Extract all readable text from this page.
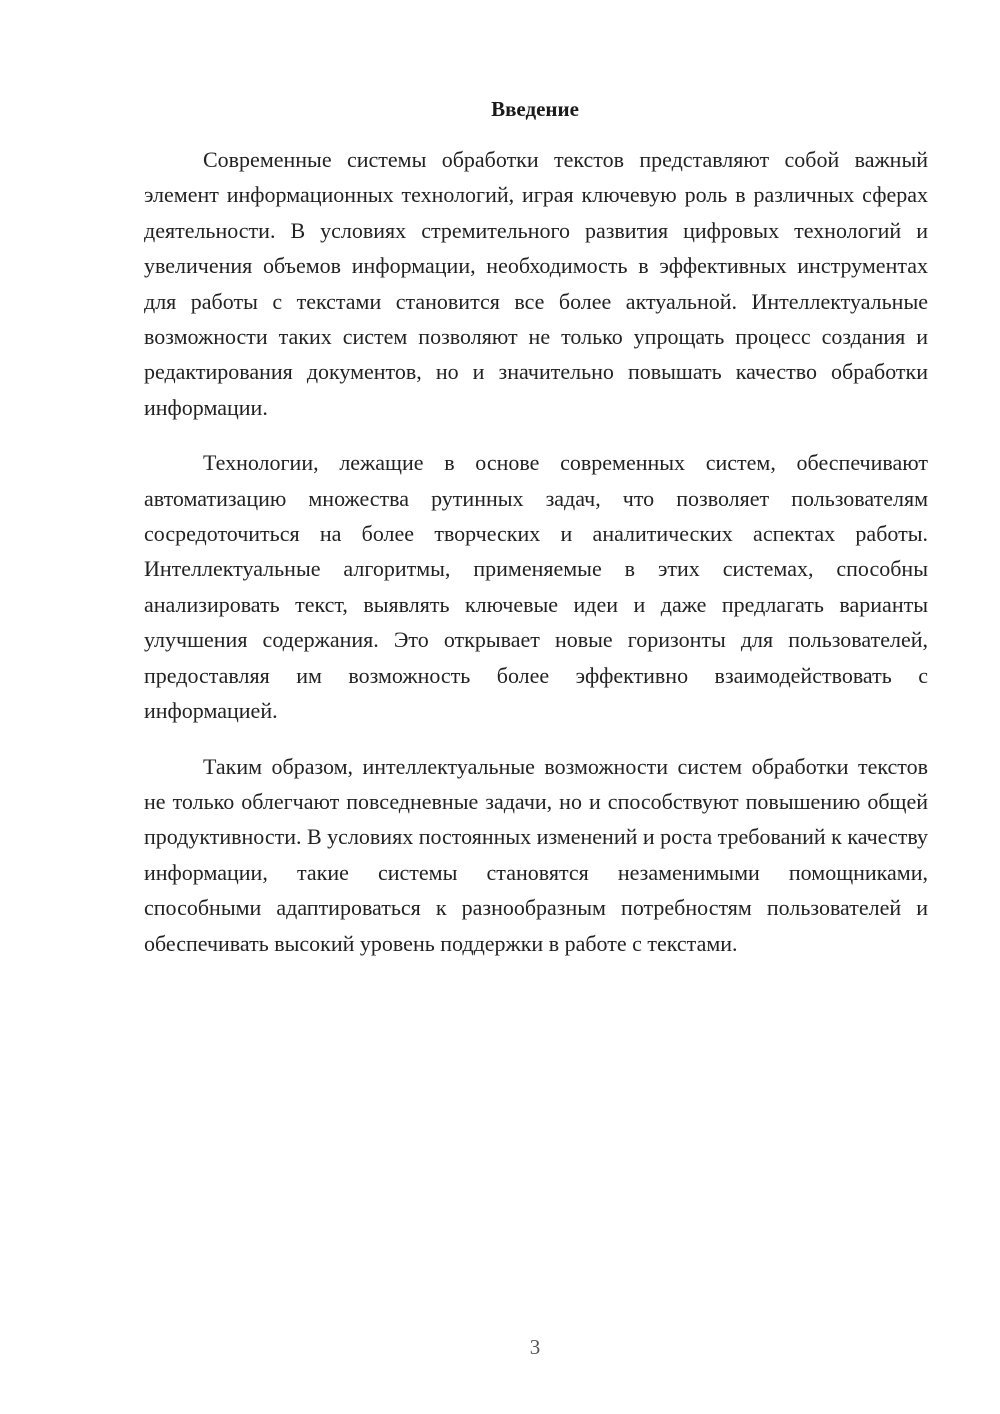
Введение

Современные системы обработки текстов представляют собой важный элемент информационных технологий, играя ключевую роль в различных сферах деятельности. В условиях стремительного развития цифровых технологий и увеличения объемов информации, необходимость в эффективных инструментах для работы с текстами становится все более актуальной. Интеллектуальные возможности таких систем позволяют не только упрощать процесс создания и редактирования документов, но и значительно повышать качество обработки информации.

Технологии, лежащие в основе современных систем, обеспечивают автоматизацию множества рутинных задач, что позволяет пользователям сосредоточиться на более творческих и аналитических аспектах работы. Интеллектуальные алгоритмы, применяемые в этих системах, способны анализировать текст, выявлять ключевые идеи и даже предлагать варианты улучшения содержания. Это открывает новые горизонты для пользователей, предоставляя им возможность более эффективно взаимодействовать с информацией.

Таким образом, интеллектуальные возможности систем обработки текстов не только облегчают повседневные задачи, но и способствуют повышению общей продуктивности. В условиях постоянных изменений и роста требований к качеству информации, такие системы становятся незаменимыми помощниками, способными адаптироваться к разнообразным потребностям пользователей и обеспечивать высокий уровень поддержки в работе с текстами.

3
